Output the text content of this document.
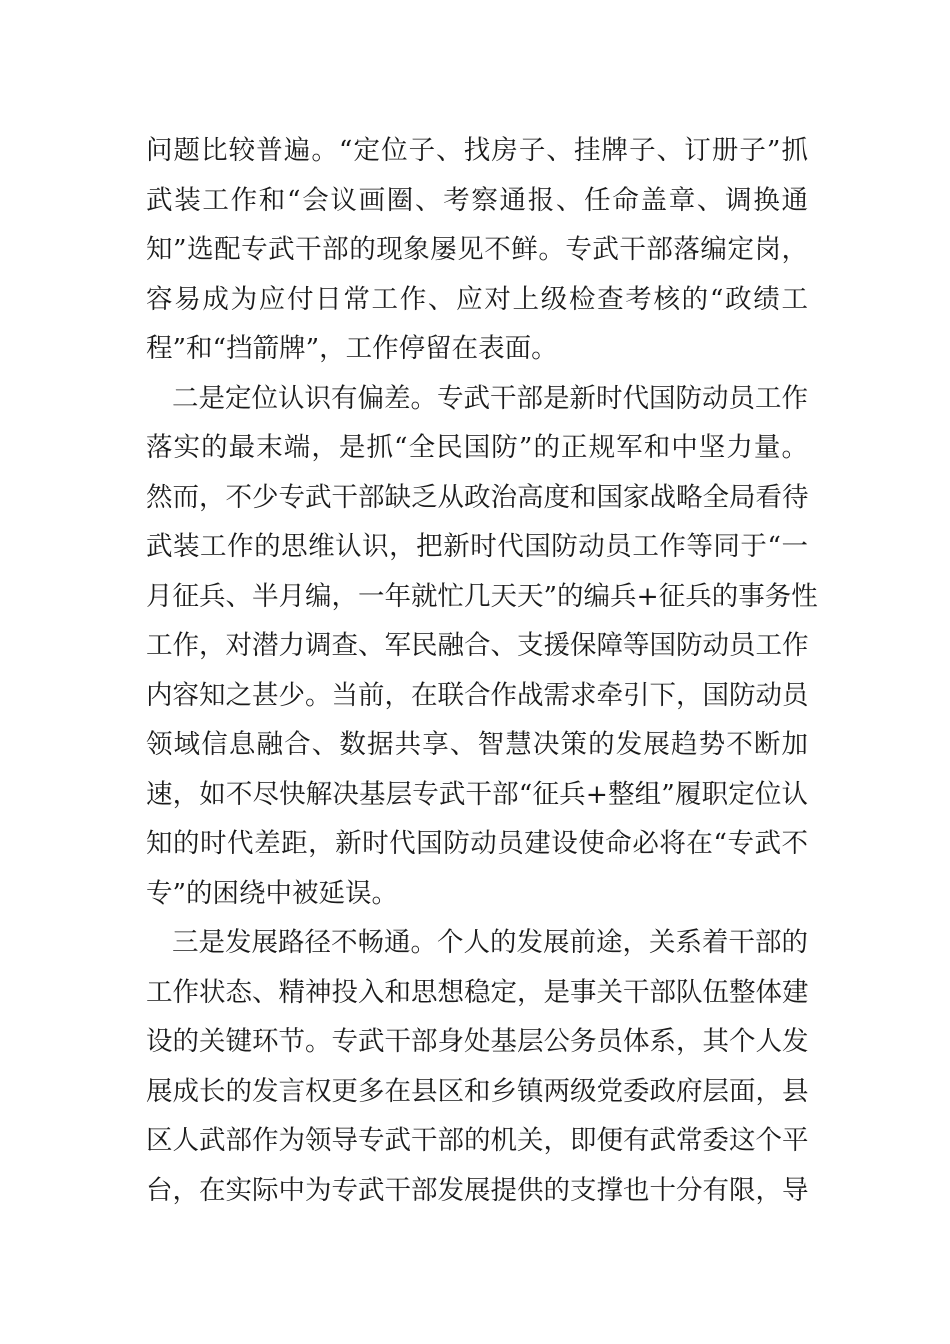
问题比较普遍。“定位子、找房子、挂牌子、订册子”抓
武装工作和“会议画圈、考察通报、任命盖章、调换通
知”选配专武干部的现象屡见不鲜。专武干部落编定岗，
容易成为应付日常工作、应对上级检查考核的“政绩工
程”和“挡箭牌”，工作停留在表面。
二是定位认识有偏差。专武干部是新时代国防动员工作
落实的最末端，是抓“全民国防”的正规军和中坚力量。
然而，不少专武干部缺乏从政治高度和国家战略全局看待
武装工作的思维认识，把新时代国防动员工作等同于“一
月征兵、半月编，一年就忙几天天”的编兵+征兵的事务性
工作，对潜力调查、军民融合、支援保障等国防动员工作
内容知之甚少。当前，在联合作战需求牵引下，国防动员
领域信息融合、数据共享、智慧决策的发展趋势不断加
速，如不尽快解决基层专武干部“征兵+整组”履职定位认
知的时代差距，新时代国防动员建设使命必将在“专武不
专”的困绕中被延误。
三是发展路径不畅通。个人的发展前途，关系着干部的
工作状态、精神投入和思想稳定，是事关干部队伍整体建
设的关键环节。专武干部身处基层公务员体系，其个人发
展成长的发言权更多在县区和乡镇两级党委政府层面，县
区人武部作为领导专武干部的机关，即便有武常委这个平
台，在实际中为专武干部发展提供的支撑也十分有限，导
